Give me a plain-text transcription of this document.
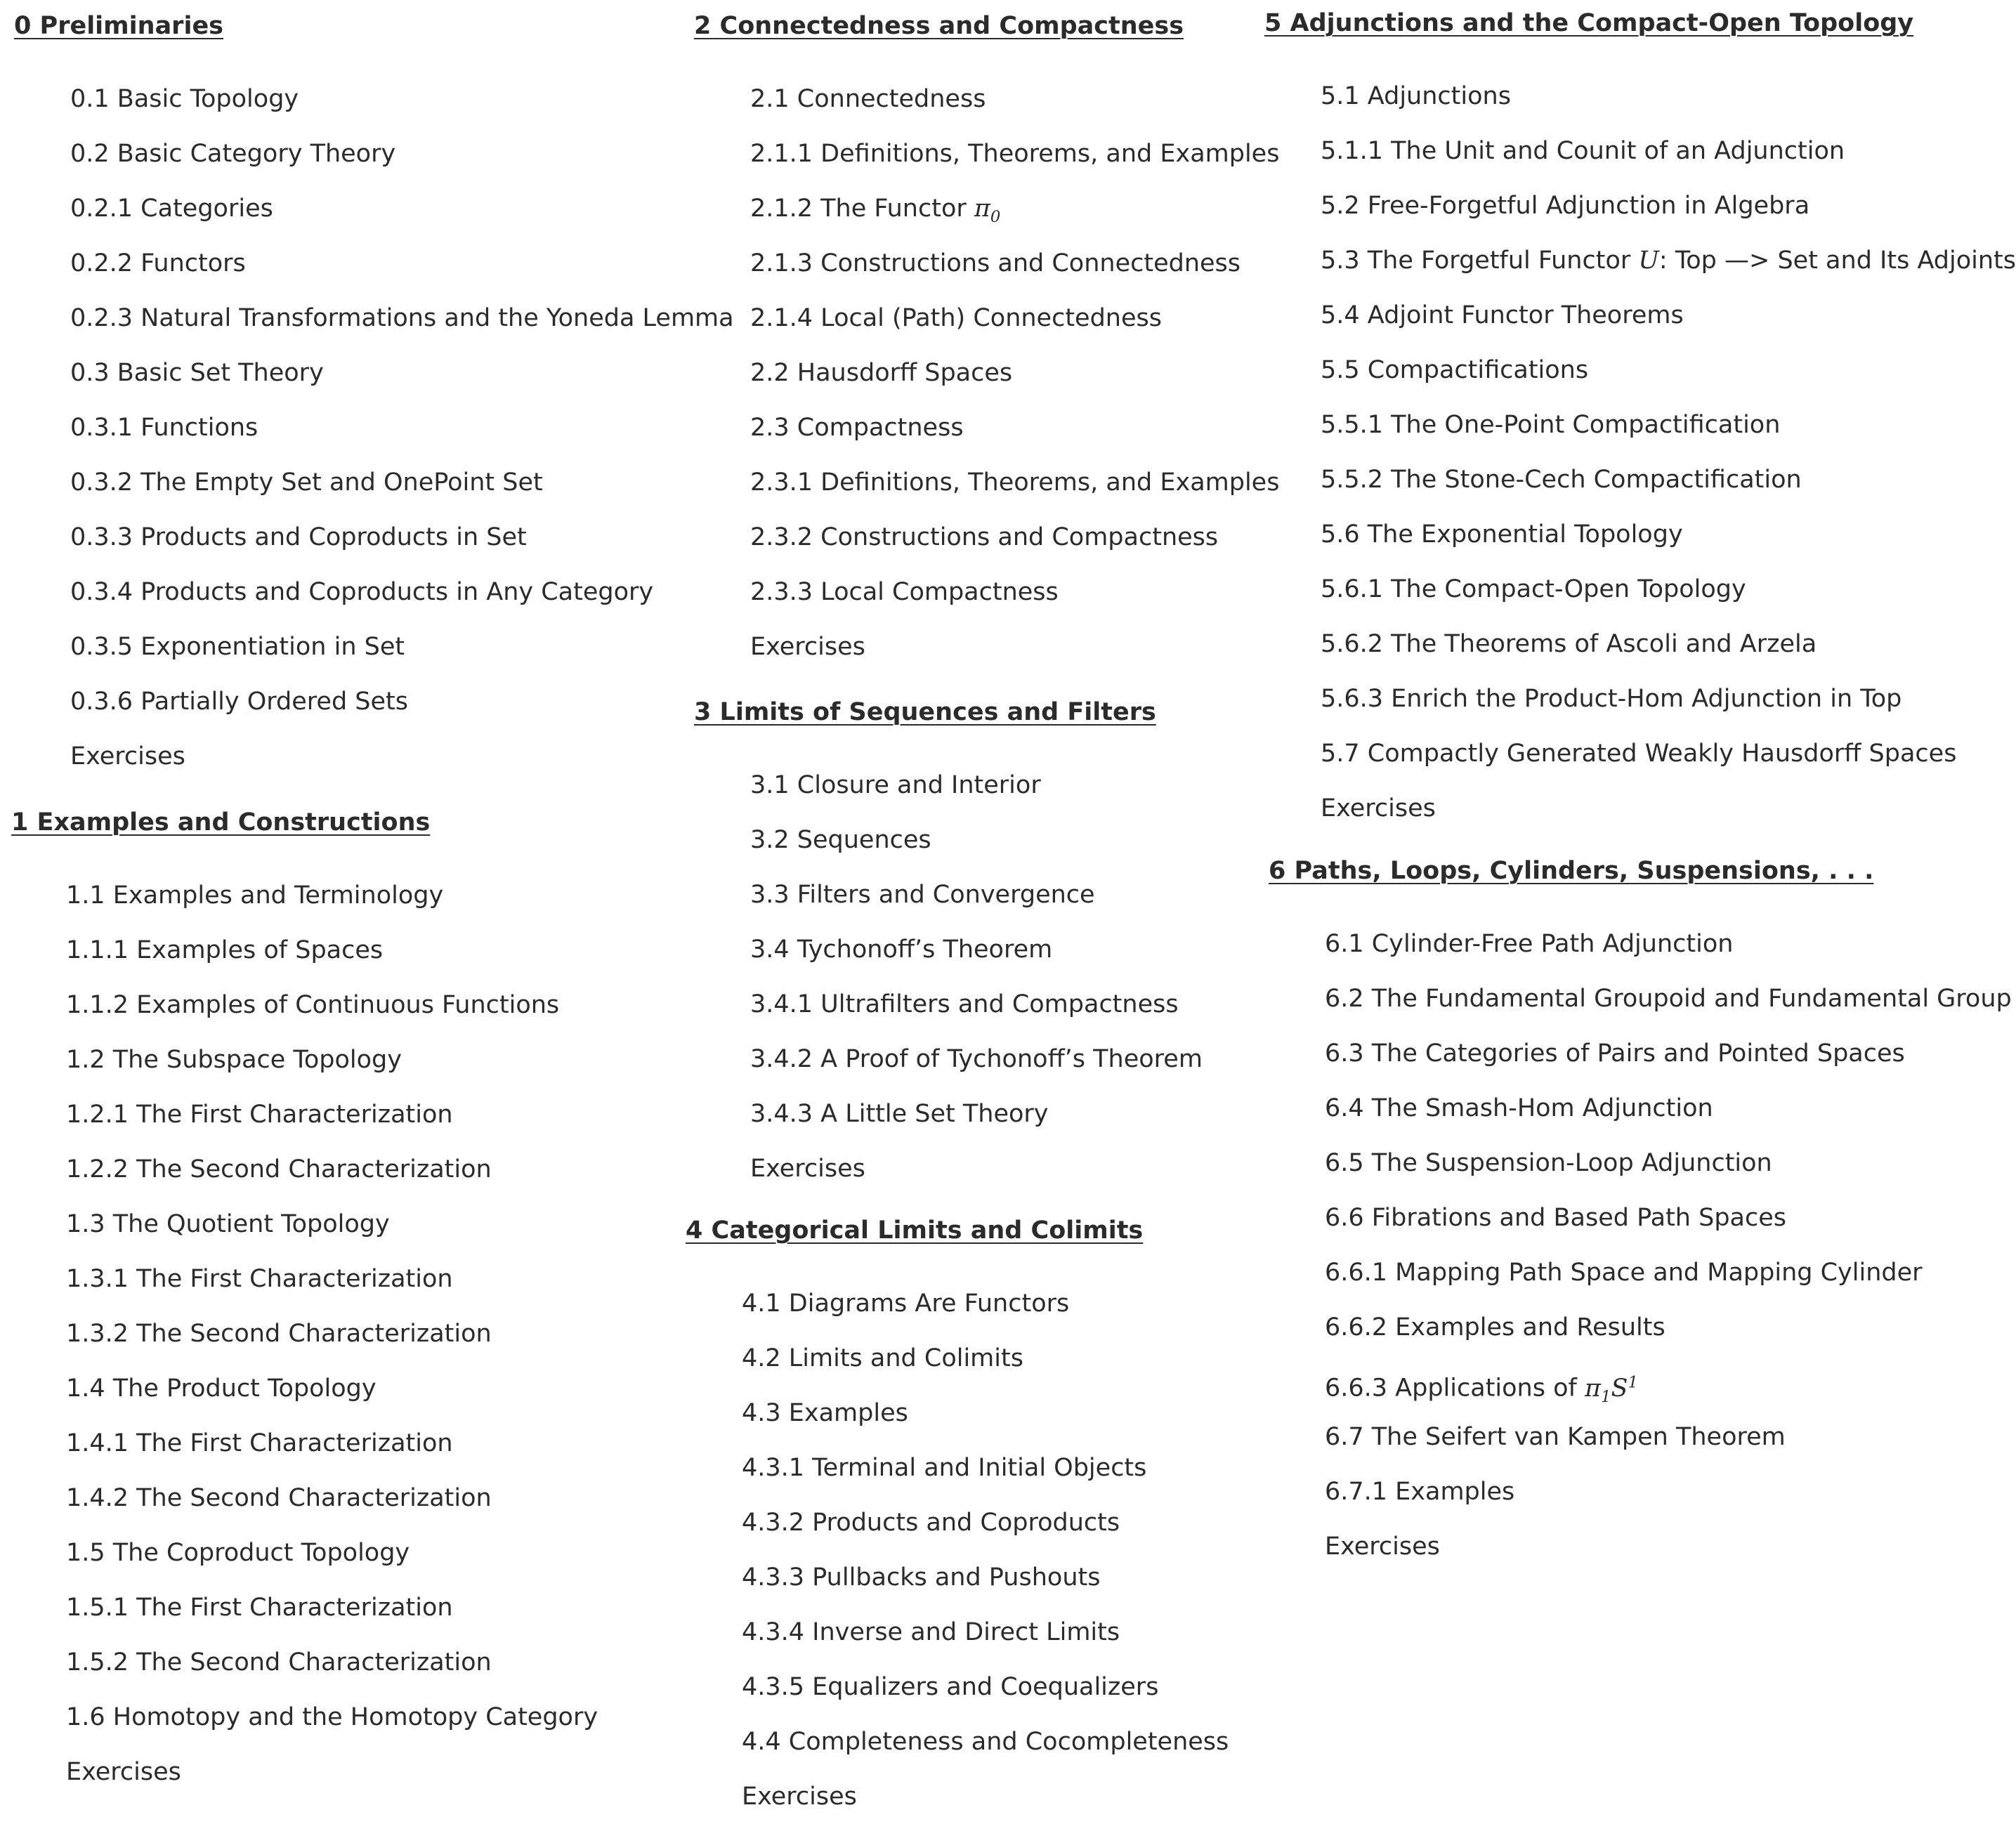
0 Preliminaries
0.1 Basic Topology
0.2 Basic Category Theory
0.2.1 Categories
0.2.2 Functors
0.2.3 Natural Transformations and the Yoneda Lemma
0.3 Basic Set Theory
0.3.1 Functions
0.3.2 The Empty Set and OnePoint Set
0.3.3 Products and Coproducts in Set
0.3.4 Products and Coproducts in Any Category
0.3.5 Exponentiation in Set
0.3.6 Partially Ordered Sets
Exercises
1 Examples and Constructions
1.1 Examples and Terminology
1.1.1 Examples of Spaces
1.1.2 Examples of Continuous Functions
1.2 The Subspace Topology
1.2.1 The First Characterization
1.2.2 The Second Characterization
1.3 The Quotient Topology
1.3.1 The First Characterization
1.3.2 The Second Characterization
1.4 The Product Topology
1.4.1 The First Characterization
1.4.2 The Second Characterization
1.5 The Coproduct Topology
1.5.1 The First Characterization
1.5.2 The Second Characterization
1.6 Homotopy and the Homotopy Category
Exercises
2 Connectedness and Compactness
2.1 Connectedness
2.1.1 Definitions, Theorems, and Examples
2.1.2 The Functor $\pi_0$
2.1.3 Constructions and Connectedness
2.1.4 Local (Path) Connectedness
2.2 Hausdorff Spaces
2.3 Compactness
2.3.1 Definitions, Theorems, and Examples
2.3.2 Constructions and Compactness
2.3.3 Local Compactness
Exercises
3 Limits of Sequences and Filters
3.1 Closure and Interior
3.2 Sequences
3.3 Filters and Convergence
3.4 Tychonoff’s Theorem
3.4.1 Ultrafilters and Compactness
3.4.2 A Proof of Tychonoff’s Theorem
3.4.3 A Little Set Theory
Exercises
4 Categorical Limits and Colimits
4.1 Diagrams Are Functors
4.2 Limits and Colimits
4.3 Examples
4.3.1 Terminal and Initial Objects
4.3.2 Products and Coproducts
4.3.3 Pullbacks and Pushouts
4.3.4 Inverse and Direct Limits
4.3.5 Equalizers and Coequalizers
4.4 Completeness and Cocompleteness
Exercises
5 Adjunctions and the Compact-Open Topology
5.1 Adjunctions
5.1.1 The Unit and Counit of an Adjunction
5.2 Free-Forgetful Adjunction in Algebra
5.3 The Forgetful Functor U: Top —> Set and Its Adjoints
5.4 Adjoint Functor Theorems
5.5 Compactifications
5.5.1 The One-Point Compactification
5.5.2 The Stone-Cech Compactification
5.6 The Exponential Topology
5.6.1 The Compact-Open Topology
5.6.2 The Theorems of Ascoli and Arzela
5.6.3 Enrich the Product-Hom Adjunction in Top
5.7 Compactly Generated Weakly Hausdorff Spaces
Exercises
6 Paths, Loops, Cylinders, Suspensions, . . .
6.1 Cylinder-Free Path Adjunction
6.2 The Fundamental Groupoid and Fundamental Group
6.3 The Categories of Pairs and Pointed Spaces
6.4 The Smash-Hom Adjunction
6.5 The Suspension-Loop Adjunction
6.6 Fibrations and Based Path Spaces
6.6.1 Mapping Path Space and Mapping Cylinder
6.6.2 Examples and Results
6.6.3 Applications of $\pi_1S^1$
6.7 The Seifert van Kampen Theorem
6.7.1 Examples
Exercises
